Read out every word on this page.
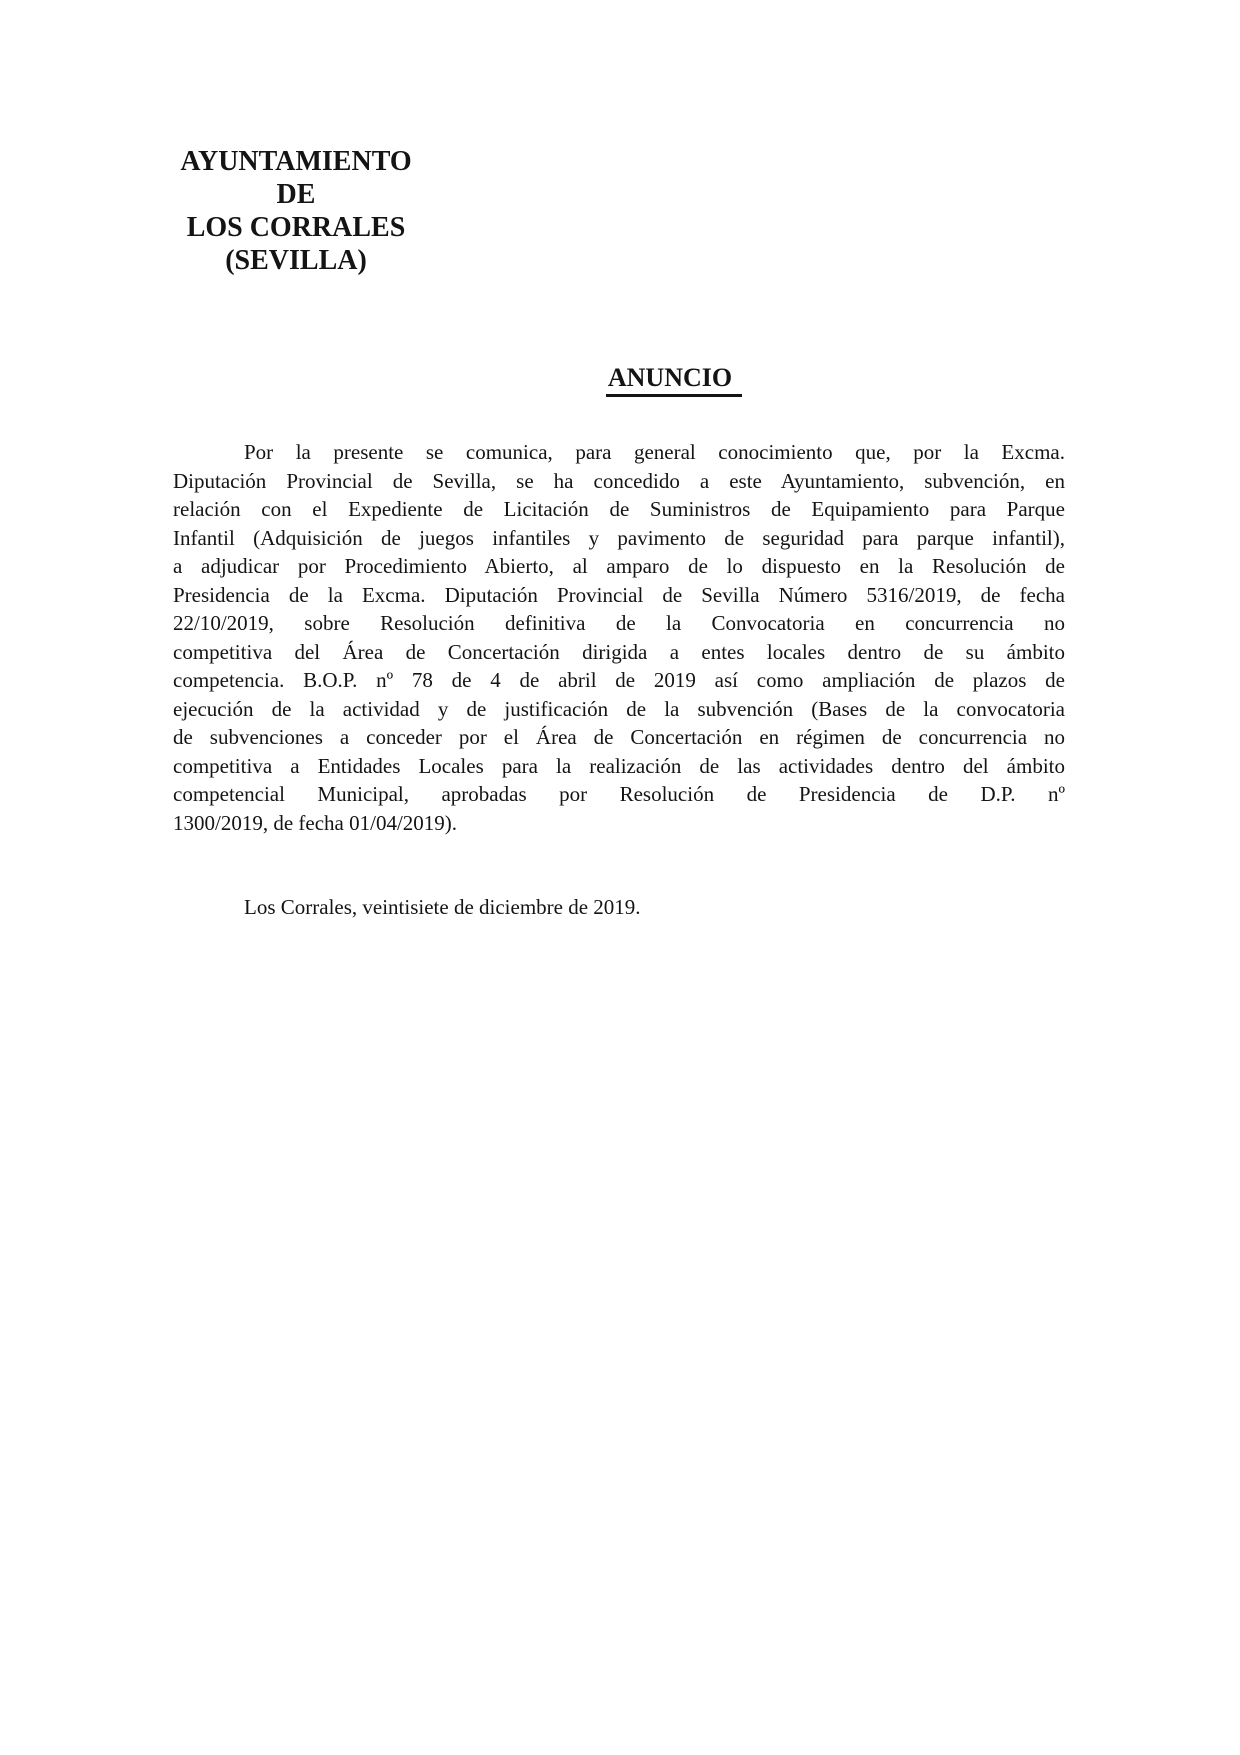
AYUNTAMIENTO
DE
LOS CORRALES
(SEVILLA)
ANUNCIO
Por la presente se comunica, para general conocimiento que, por la Excma.
Diputación Provincial de Sevilla, se ha concedido a este Ayuntamiento, subvención, en
relación con el Expediente de Licitación de Suministros de Equipamiento para Parque
Infantil (Adquisición de juegos infantiles y pavimento de seguridad para parque infantil),
a adjudicar por Procedimiento Abierto, al amparo de lo dispuesto en la Resolución de
Presidencia de la Excma. Diputación Provincial de Sevilla Número 5316/2019, de fecha
22/10/2019, sobre Resolución definitiva de la Convocatoria en concurrencia no
competitiva del Área de Concertación dirigida a entes locales dentro de su ámbito
competencia. B.O.P. nº 78 de 4 de abril de 2019 así como ampliación de plazos de
ejecución de la actividad y de justificación de la subvención (Bases de la convocatoria
de subvenciones a conceder por el Área de Concertación en régimen de concurrencia no
competitiva a Entidades Locales para la realización de las actividades dentro del ámbito
competencial Municipal, aprobadas por Resolución de Presidencia de D.P. nº
1300/2019, de fecha 01/04/2019).
Los Corrales, veintisiete de diciembre de 2019.
